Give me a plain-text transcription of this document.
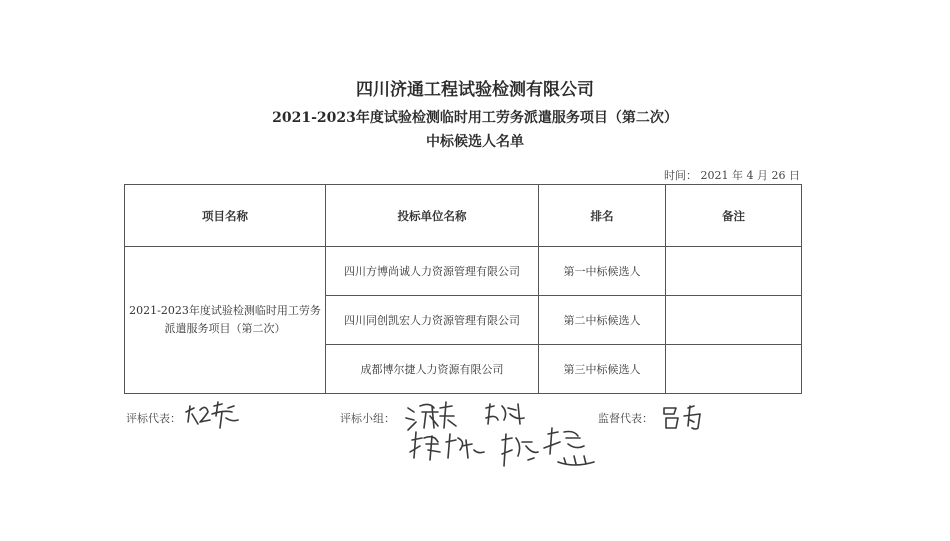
四川济通工程试验检测有限公司
2021-2023年度试验检测临时用工劳务派遣服务项目（第二次）
中标候选人名单
时间： 2021 年 4 月 26 日
项目名称	投标单位名称	排名	备注
2021-2023年度试验检测临时用工劳务派遣服务项目（第二次）	四川方博尚诚人力资源管理有限公司	第一中标候选人	
	四川同创凯宏人力资源管理有限公司	第二中标候选人	
	成都博尔捷人力资源有限公司	第三中标候选人	
评标代表：	评标小组：	监督代表：
